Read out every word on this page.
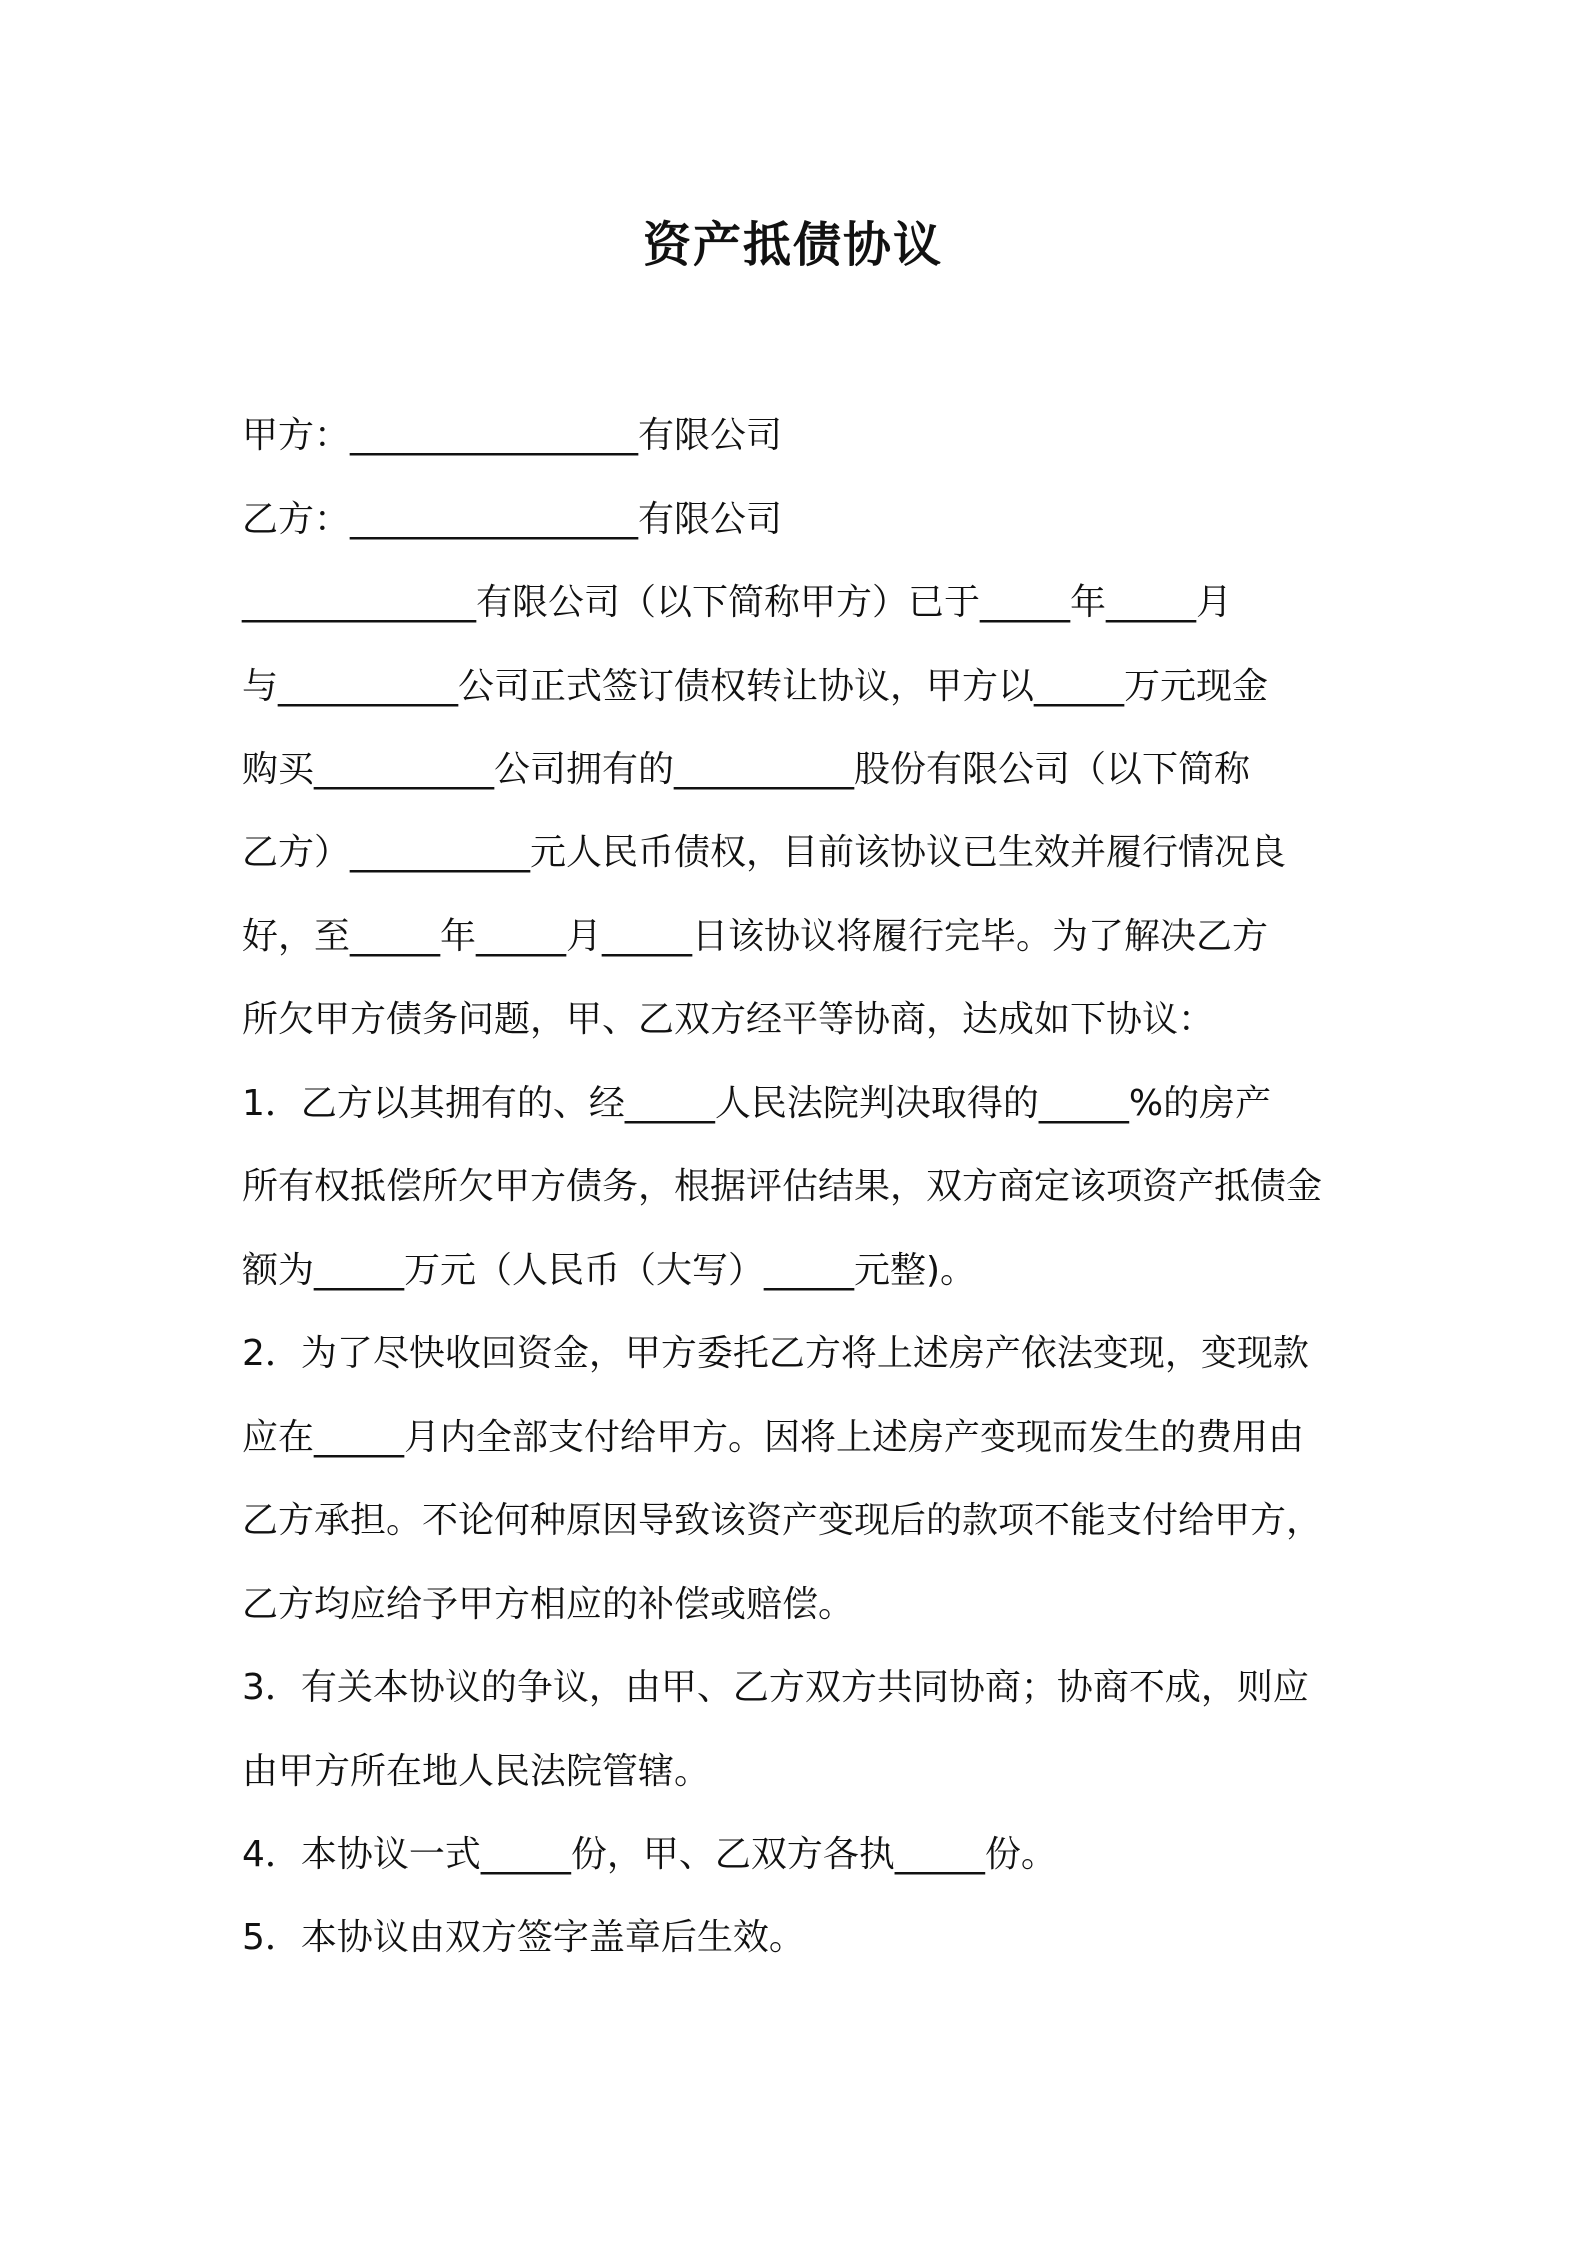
资产抵债协议

甲方：________________有限公司

乙方：________________有限公司

_____________有限公司（以下简称甲方）已于_____年_____月

与__________公司正式签订债权转让协议，甲方以_____万元现金

购买__________公司拥有的__________股份有限公司（以下简称

乙方）__________元人民币债权，目前该协议已生效并履行情况良

好，至_____年_____月_____日该协议将履行完毕。为了解决乙方

所欠甲方债务问题，甲、乙双方经平等协商，达成如下协议：

1．乙方以其拥有的、经_____人民法院判决取得的_____%的房产

所有权抵偿所欠甲方债务，根据评估结果，双方商定该项资产抵债金

额为_____万元（人民币（大写）_____元整)。

2．为了尽快收回资金，甲方委托乙方将上述房产依法变现，变现款

应在_____月内全部支付给甲方。因将上述房产变现而发生的费用由

乙方承担。不论何种原因导致该资产变现后的款项不能支付给甲方，

乙方均应给予甲方相应的补偿或赔偿。

3．有关本协议的争议，由甲、乙方双方共同协商；协商不成，则应

由甲方所在地人民法院管辖。

4．本协议一式_____份，甲、乙双方各执_____份。

5．本协议由双方签字盖章后生效。
